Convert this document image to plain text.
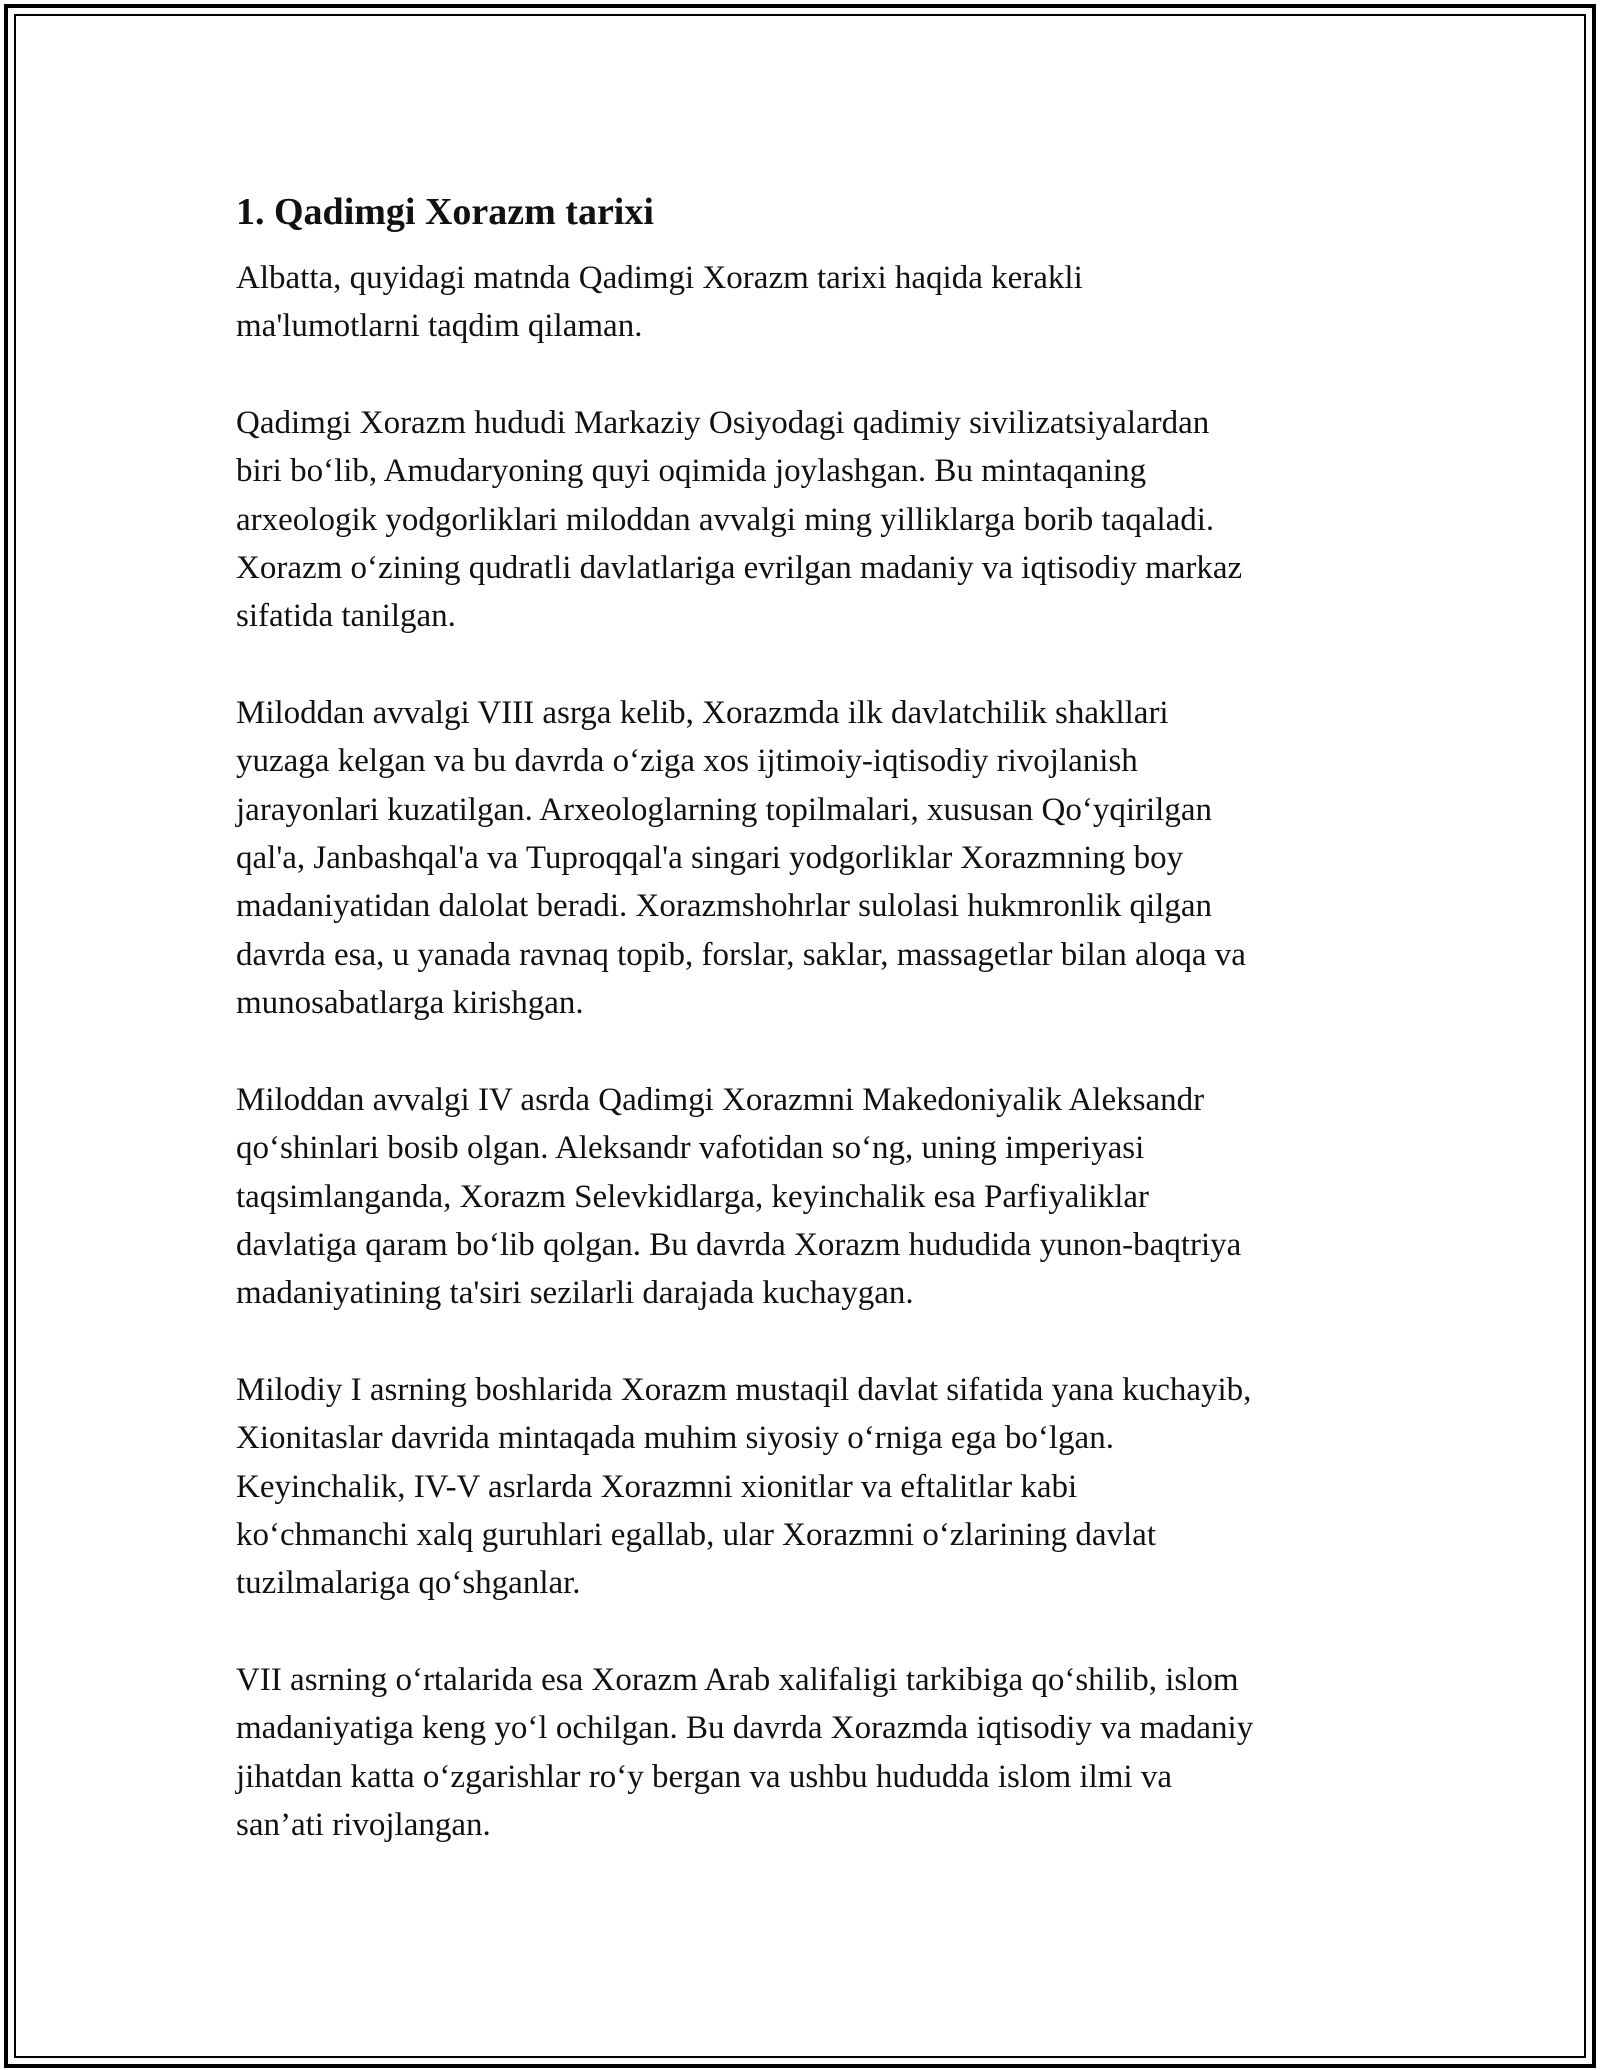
1. Qadimgi Xorazm tarixi

Albatta, quyidagi matnda Qadimgi Xorazm tarixi haqida kerakli
ma'lumotlarni taqdim qilaman.

Qadimgi Xorazm hududi Markaziy Osiyodagi qadimiy sivilizatsiyalardan
biri boʻlib, Amudaryoning quyi oqimida joylashgan. Bu mintaqaning
arxeologik yodgorliklari miloddan avvalgi ming yilliklarga borib taqaladi.
Xorazm oʻzining qudratli davlatlariga evrilgan madaniy va iqtisodiy markaz
sifatida tanilgan.

Miloddan avvalgi VIII asrga kelib, Xorazmda ilk davlatchilik shakllari
yuzaga kelgan va bu davrda oʻziga xos ijtimoiy-iqtisodiy rivojlanish
jarayonlari kuzatilgan. Arxeologlarning topilmalari, xususan Qoʻyqirilgan
qal'a, Janbashqal'a va Tuproqqal'a singari yodgorliklar Xorazmning boy
madaniyatidan dalolat beradi. Xorazmshohrlar sulolasi hukmronlik qilgan
davrda esa, u yanada ravnaq topib, forslar, saklar, massagetlar bilan aloqa va
munosabatlarga kirishgan.

Miloddan avvalgi IV asrda Qadimgi Xorazmni Makedoniyalik Aleksandr
qoʻshinlari bosib olgan. Aleksandr vafotidan soʻng, uning imperiyasi
taqsimlanganda, Xorazm Selevkidlarga, keyinchalik esa Parfiyaliklar
davlatiga qaram boʻlib qolgan. Bu davrda Xorazm hududida yunon-baqtriya
madaniyatining ta'siri sezilarli darajada kuchaygan.

Milodiy I asrning boshlarida Xorazm mustaqil davlat sifatida yana kuchayib,
Xionitaslar davrida mintaqada muhim siyosiy oʻrniga ega boʻlgan.
Keyinchalik, IV-V asrlarda Xorazmni xionitlar va eftalitlar kabi
koʻchmanchi xalq guruhlari egallab, ular Xorazmni oʻzlarining davlat
tuzilmalariga qoʻshganlar.

VII asrning oʻrtalarida esa Xorazm Arab xalifaligi tarkibiga qoʻshilib, islom
madaniyatiga keng yoʻl ochilgan. Bu davrda Xorazmda iqtisodiy va madaniy
jihatdan katta oʻzgarishlar roʻy bergan va ushbu hududda islom ilmi va
san’ati rivojlangan.
